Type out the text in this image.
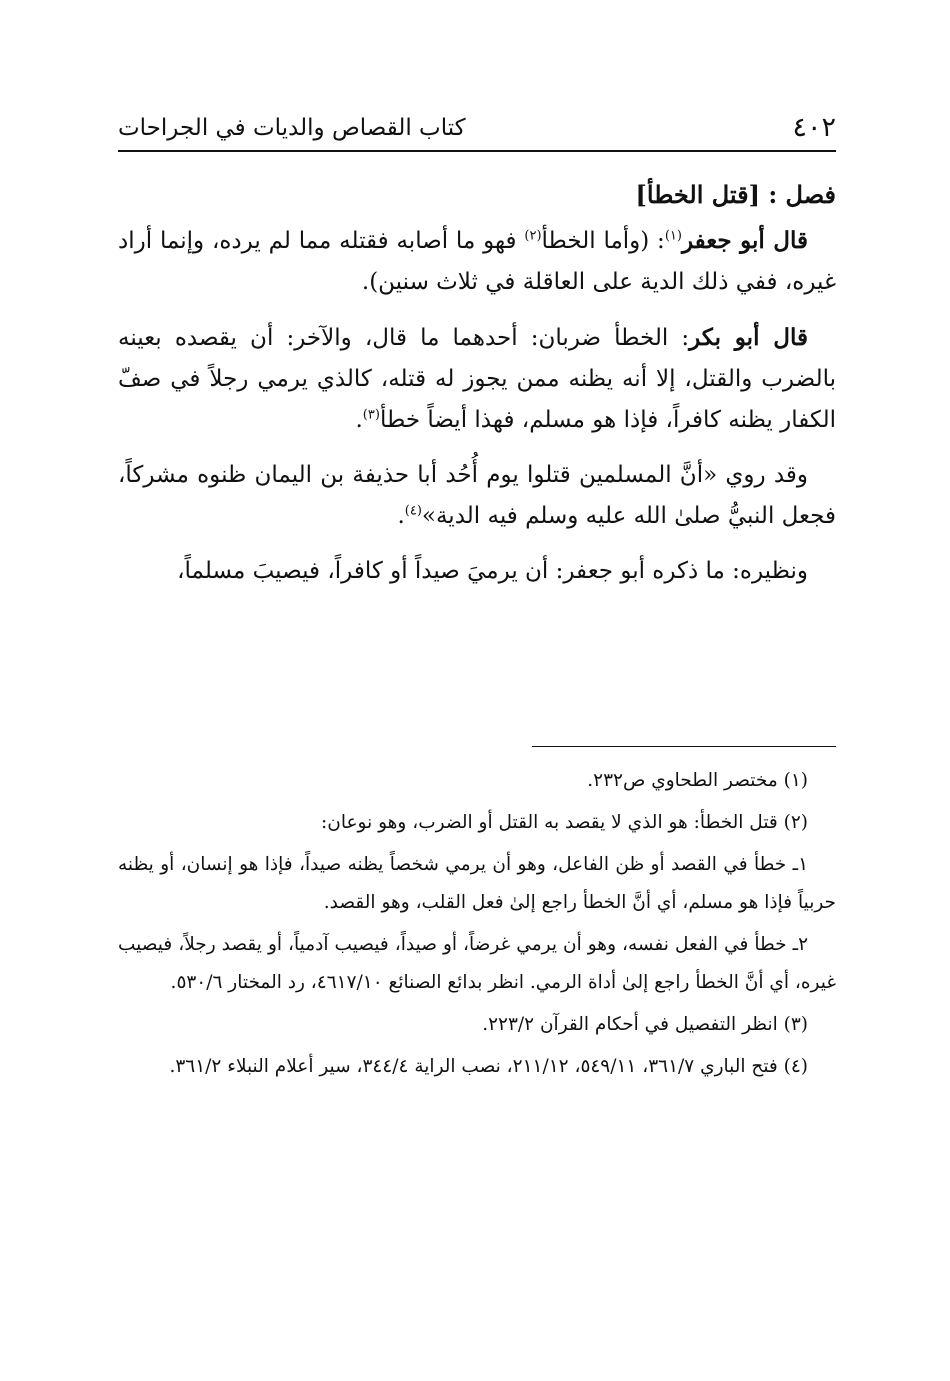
٤٠٢
كتاب القصاص والديات في الجراحات

فصل : [قتل الخطأ]

قال أبو جعفر$^{(١)}$: (وأما الخطأ$^{(٢)}$ فهو ما أصابه فقتله مما لم يرده، وإنما أراد غيره، ففي ذلك الدية على العاقلة في ثلاث سنين).

قال أبو بكر: الخطأ ضربان: أحدهما ما قال، والآخر: أن يقصده بعينه بالضرب والقتل، إلا أنه يظنه ممن يجوز له قتله، كالذي يرمي رجلاً في صفّ الكفار يظنه كافراً، فإذا هو مسلم، فهذا أيضاً خطأ$^{(٣)}$.

وقد روي «أنَّ المسلمين قتلوا يوم أُحُد أبا حذيفة بن اليمان ظنوه مشركاً، فجعل النبيُّ صلىٰ الله عليه وسلم فيه الدية»$^{(٤)}$.

ونظيره: ما ذكره أبو جعفر: أن يرميَ صيداً أو كافراً، فيصيبَ مسلماً،

(١) مختصر الطحاوي ص٢٣٢.

(٢) قتل الخطأ: هو الذي لا يقصد به القتل أو الضرب، وهو نوعان:

١ـ خطأ في القصد أو ظن الفاعل، وهو أن يرمي شخصاً يظنه صيداً، فإذا هو إنسان، أو يظنه حربياً فإذا هو مسلم، أي أنَّ الخطأ راجع إلىٰ فعل القلب، وهو القصد.

٢ـ خطأ في الفعل نفسه، وهو أن يرمي غرضاً، أو صيداً، فيصيب آدمياً، أو يقصد رجلاً، فيصيب غيره، أي أنَّ الخطأ راجع إلىٰ أداة الرمي. انظر بدائع الصنائع ٤٦١٧/١٠، رد المختار ٥٣٠/٦.

(٣) انظر التفصيل في أحكام القرآن ٢٢٣/٢.

(٤) فتح الباري ٣٦١/٧، ٥٤٩/١١، ٢١١/١٢، نصب الراية ٣٤٤/٤، سير أعلام النبلاء ٣٦١/٢.
